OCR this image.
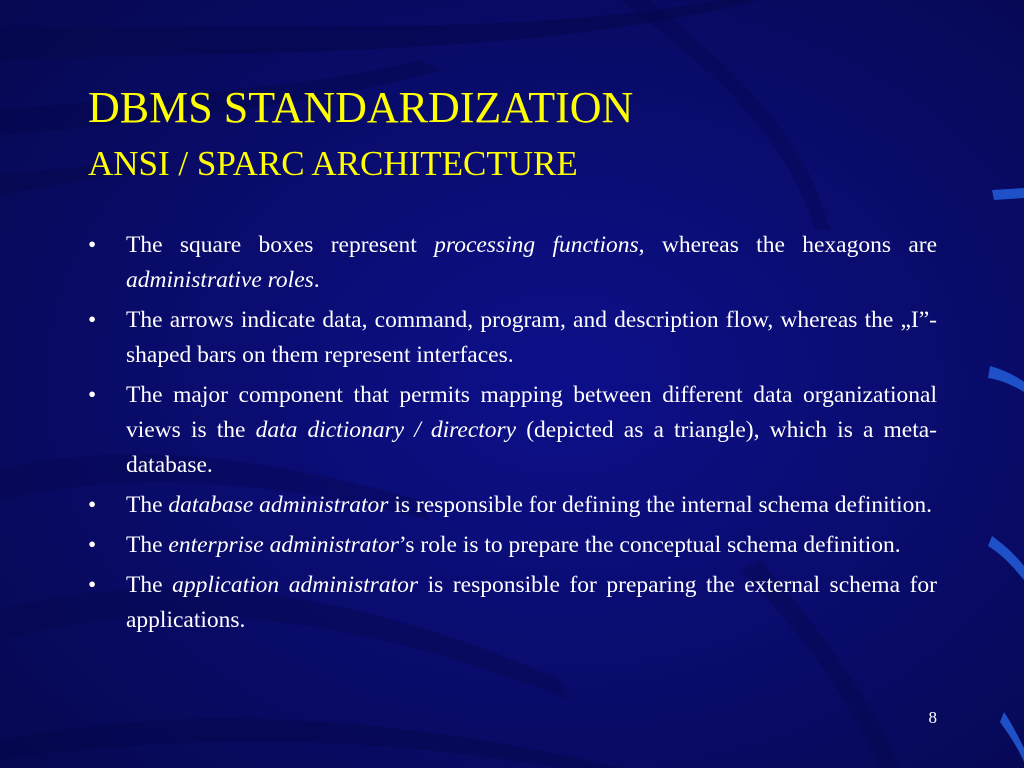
DBMS STANDARDIZATION
ANSI / SPARC ARCHITECTURE
• The square boxes represent processing functions, whereas the hexagons are administrative roles.
• The arrows indicate data, command, program, and description flow, whereas the „I”-shaped bars on them represent interfaces.
• The major component that permits mapping between different data organizational views is the data dictionary / directory (depicted as a triangle), which is a meta-database.
• The database administrator is responsible for defining the internal schema definition.
• The enterprise administrator’s role is to prepare the conceptual schema definition.
• The application administrator is responsible for preparing the external schema for applications.
8
